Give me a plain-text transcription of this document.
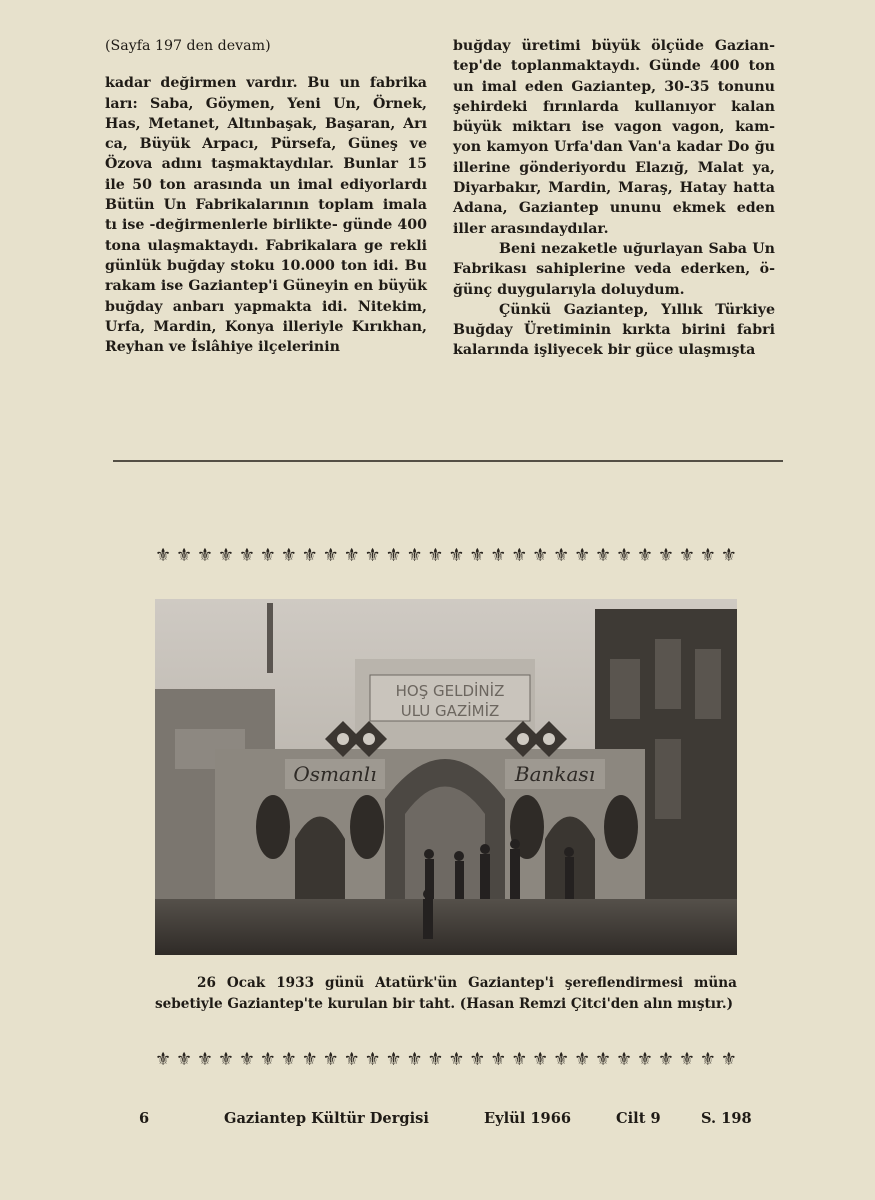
(Sayfa 197 den devam)

kadar değirmen vardır. Bu un fabrika ları: Saba, Göymen, Yeni Un, Örnek, Has, Metanet, Altınbaşak, Başaran, Arı ca, Büyük Arpacı, Pürsefa, Güneş ve Özova adını taşmaktaydılar. Bunlar 15 ile 50 ton arasında un imal ediyorlardı Bütün Un Fabrikalarının toplam imala tı ise -değirmenlerle birlikte- günde 400 tona ulaşmaktaydı. Fabrikalara ge rekli günlük buğday stoku 10.000 ton idi. Bu rakam ise Gaziantep'i Güneyin en büyük buğday anbarı yapmakta idi. Nitekim, Urfa, Mardin, Konya illeriyle Kırıkhan, Reyhan ve İslâhiye ilçelerinin

buğday üretimi büyük ölçüde Gazian- tep'de toplanmaktaydı. Günde 400 ton un imal eden Gaziantep, 30-35 tonunu şehirdeki fırınlarda kullanıyor kalan büyük miktarı ise vagon vagon, kam- yon kamyon Urfa'dan Van'a kadar Do ğu illerine gönderiyordu Elazığ, Malat ya, Diyarbakır, Mardin, Maraş, Hatay hatta Adana, Gaziantep ununu ekmek eden iller arasındaydılar.

Beni nezaketle uğurlayan Saba Un Fabrikası sahiplerine veda ederken, ö- ğünç duygularıyla doluydum.

Çünkü Gaziantep, Yıllık Türkiye Buğday Üretiminin kırkta birini fabri kalarında işliyecek bir güce ulaşmışta

⚜ ⚜ ⚜ ⚜ ⚜ ⚜ ⚜ ⚜ ⚜ ⚜ ⚜ ⚜ ⚜ ⚜ ⚜ ⚜ ⚜ ⚜ ⚜ ⚜ ⚜ ⚜ ⚜ ⚜ ⚜ ⚜ ⚜ ⚜
HOŞ GELDİNİZ
ULU GAZİMİZ
Osmanlı	Bankası
26 Ocak 1933 günü Atatürk'ün Gaziantep'i şereflendirmesi müna sebetiyle Gaziantep'te kurulan bir taht. (Hasan Remzi Çitci'den alın mıştır.)
⚜ ⚜ ⚜ ⚜ ⚜ ⚜ ⚜ ⚜ ⚜ ⚜ ⚜ ⚜ ⚜ ⚜ ⚜ ⚜ ⚜ ⚜ ⚜ ⚜ ⚜ ⚜ ⚜ ⚜ ⚜ ⚜ ⚜ ⚜
6	Gaziantep Kültür Dergisi	Eylül 1966	Cilt 9	S. 198
